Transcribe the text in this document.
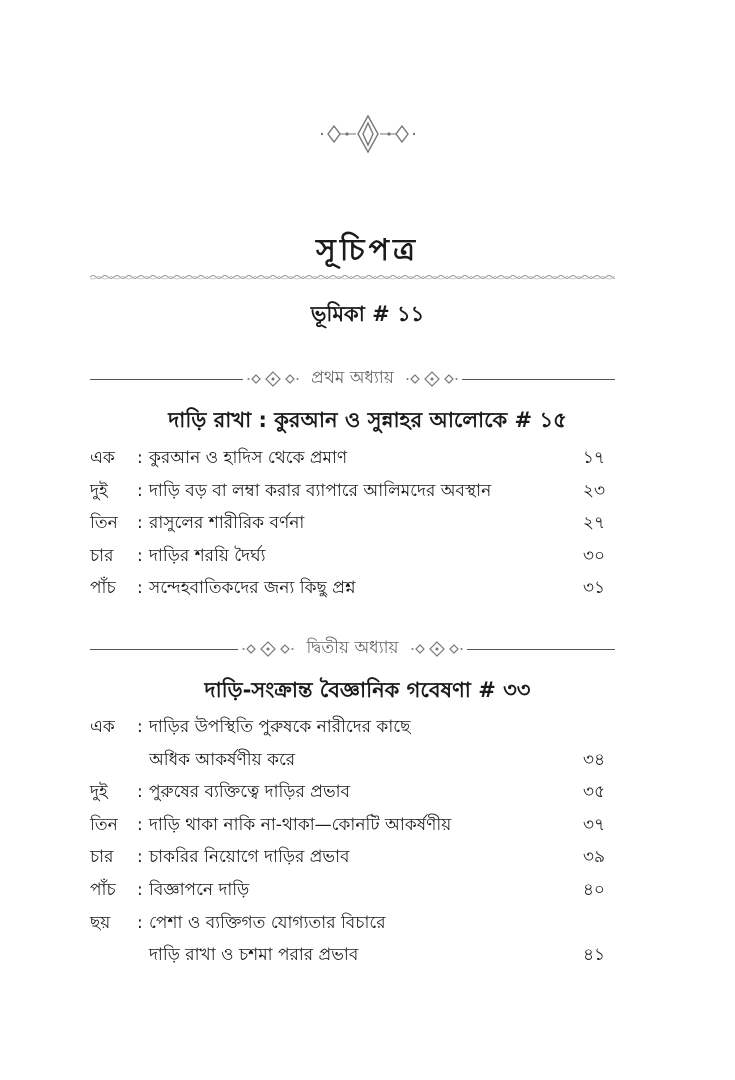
সূচিপত্র
ভূমিকা # ১১
প্রথম অধ্যায়
দাড়ি রাখা : কুরআন ও সুন্নাহর আলোকে # ১৫
এক : কুরআন ও হাদিস থেকে প্রমাণ	১৭
দুই : দাড়ি বড় বা লম্বা করার ব্যাপারে আলিমদের অবস্থান	২৩
তিন : রাসুলের শারীরিক বর্ণনা	২৭
চার : দাড়ির শরয়ি দৈর্ঘ্য	৩০
পাঁচ : সন্দেহবাতিকদের জন্য কিছু প্রশ্ন	৩১
দ্বিতীয় অধ্যায়
দাড়ি-সংক্রান্ত বৈজ্ঞানিক গবেষণা # ৩৩
এক : দাড়ির উপস্থিতি পুরুষকে নারীদের কাছে
অধিক আকর্ষণীয় করে	৩৪
দুই : পুরুষের ব্যক্তিত্বে দাড়ির প্রভাব	৩৫
তিন : দাড়ি থাকা নাকি না-থাকা—কোনটি আকর্ষণীয়	৩৭
চার : চাকরির নিয়োগে দাড়ির প্রভাব	৩৯
পাঁচ : বিজ্ঞাপনে দাড়ি	৪০
ছয় : পেশা ও ব্যক্তিগত যোগ্যতার বিচারে
দাড়ি রাখা ও চশমা পরার প্রভাব	৪১
